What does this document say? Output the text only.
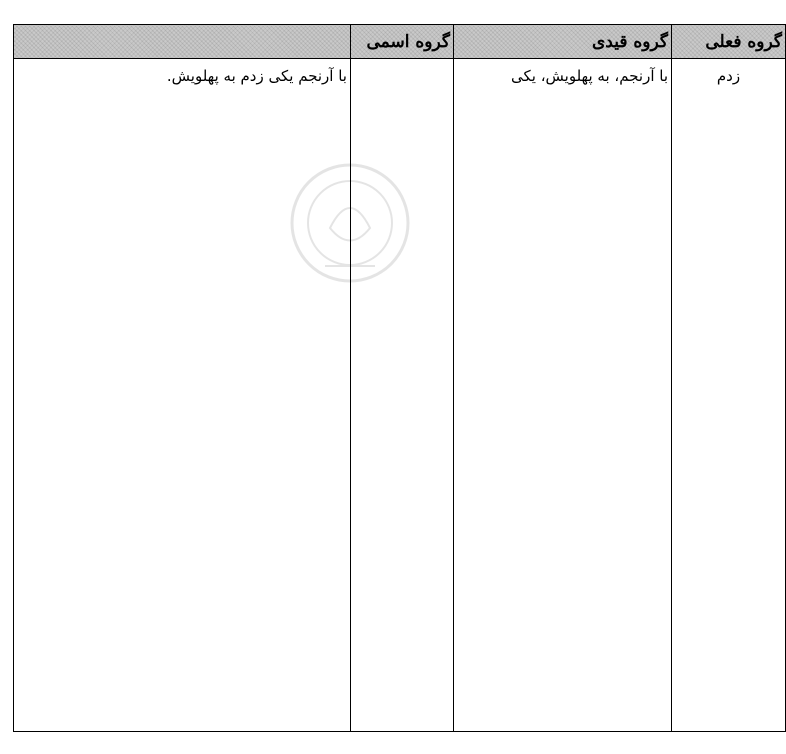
	گروه اسمی	گروه قیدی	گروه فعلی
با آرنجم یکی زدم به پهلویش.		با آرنجم، به پهلویش، یکی	زدم
